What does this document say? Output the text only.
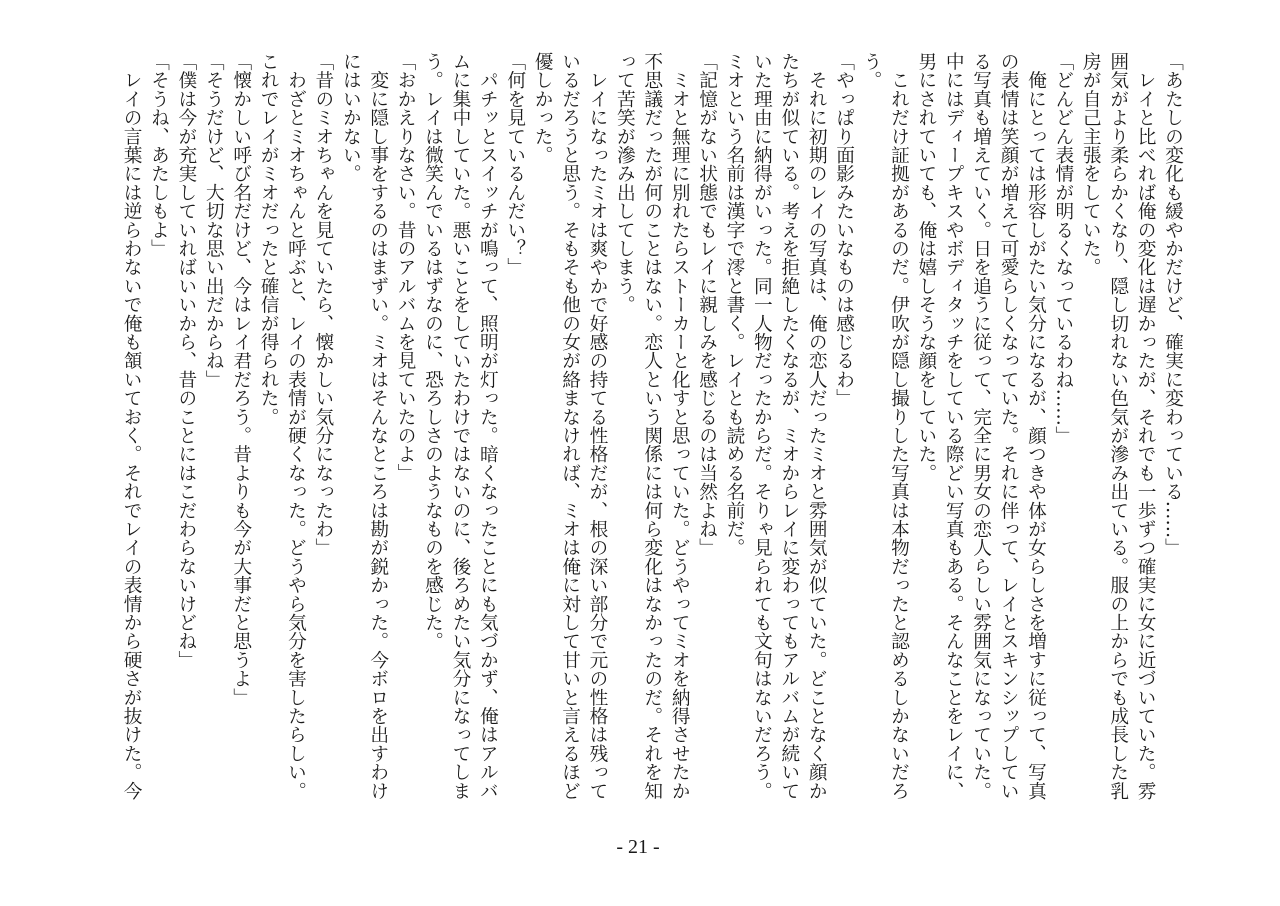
「あたしの変化も緩やかだけど、確実に変わっている……」
　レイと比べれば俺の変化は遅かったが、それでも一歩ずつ確実に女に近づいていた。雰
囲気がより柔らかくなり、隠し切れない色気が滲み出ている。服の上からでも成長した乳
房が自己主張をしていた。
「どんどん表情が明るくなっているわね……」
　俺にとっては形容しがたい気分になるが、顔つきや体が女らしさを増すに従って、写真
の表情は笑顔が増えて可愛らしくなっていた。それに伴って、レイとスキンシップしてい
る写真も増えていく。日を追うに従って、完全に男女の恋人らしい雰囲気になっていた。
中にはディープキスやボディタッチをしている際どい写真もある。そんなことをレイに、
男にされていても、俺は嬉しそうな顔をしていた。
　これだけ証拠があるのだ。伊吹が隠し撮りした写真は本物だったと認めるしかないだろ
う。
「やっぱり面影みたいなものは感じるわ」
　それに初期のレイの写真は、俺の恋人だったミオと雰囲気が似ていた。どことなく顔か
たちが似ている。考えを拒絶したくなるが、ミオからレイに変わってもアルバムが続いて
いた理由に納得がいった。同一人物だったからだ。そりゃ見られても文句はないだろう。
ミオという名前は漢字で澪と書く。レイとも読める名前だ。
「記憶がない状態でもレイに親しみを感じるのは当然よね」
　ミオと無理に別れたらストーカーと化すと思っていた。どうやってミオを納得させたか
不思議だったが何のことはない。恋人という関係には何ら変化はなかったのだ。それを知
って苦笑が滲み出してしまう。
　レイになったミオは爽やかで好感の持てる性格だが、根の深い部分で元の性格は残って
いるだろうと思う。そもそも他の女が絡まなければ、ミオは俺に対して甘いと言えるほど
優しかった。
「何を見ているんだい？」
　パチッとスイッチが鳴って、照明が灯った。暗くなったことにも気づかず、俺はアルバ
ムに集中していた。悪いことをしていたわけではないのに、後ろめたい気分になってしま
う。レイは微笑んでいるはずなのに、恐ろしさのようなものを感じた。
「おかえりなさい。昔のアルバムを見ていたのよ」
　変に隠し事をするのはまずい。ミオはそんなところは勘が鋭かった。今ボロを出すわけ
にはいかない。
「昔のミオちゃんを見ていたら、懐かしい気分になったわ」
　わざとミオちゃんと呼ぶと、レイの表情が硬くなった。どうやら気分を害したらしい。
これでレイがミオだったと確信が得られた。
「懐かしい呼び名だけど、今はレイ君だろう。昔よりも今が大事だと思うよ」
「そうだけど、大切な思い出だからね」
「僕は今が充実していればいいから、昔のことにはこだわらないけどね」
「そうね、あたしもよ」
　レイの言葉には逆らわないで俺も頷いておく。それでレイの表情から硬さが抜けた。今
- 21 -
